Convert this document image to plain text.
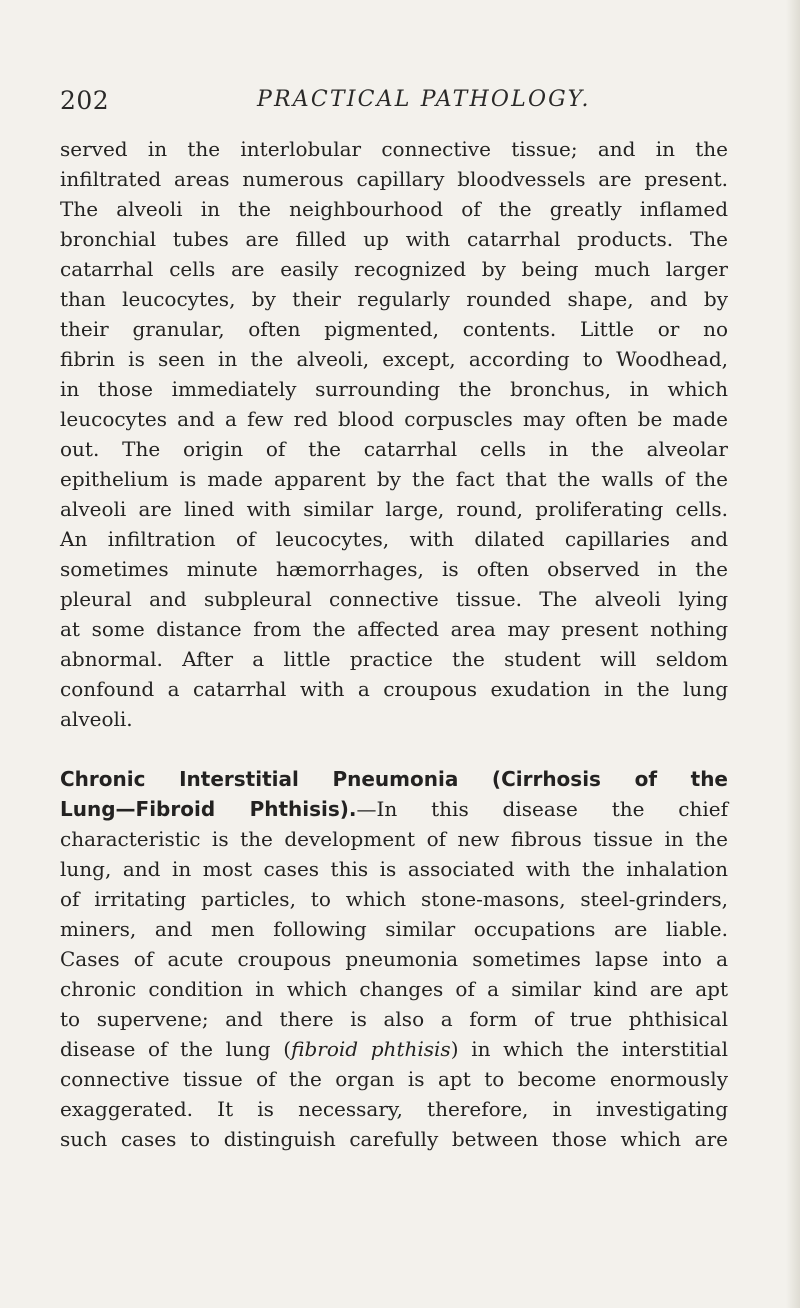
202	PRACTICAL PATHOLOGY.
served in the interlobular connective tissue; and in the
infiltrated areas numerous capillary bloodvessels are present.
The alveoli in the neighbourhood of the greatly inflamed
bronchial tubes are filled up with catarrhal products. The
catarrhal cells are easily recognized by being much larger
than leucocytes, by their regularly rounded shape, and by
their granular, often pigmented, contents. Little or no
fibrin is seen in the alveoli, except, according to Woodhead,
in those immediately surrounding the bronchus, in which
leucocytes and a few red blood corpuscles may often be made
out. The origin of the catarrhal cells in the alveolar
epithelium is made apparent by the fact that the walls of the
alveoli are lined with similar large, round, proliferating cells.
An infiltration of leucocytes, with dilated capillaries and
sometimes minute hæmorrhages, is often observed in the
pleural and subpleural connective tissue. The alveoli lying
at some distance from the affected area may present nothing
abnormal. After a little practice the student will seldom
confound a catarrhal with a croupous exudation in the lung
alveoli.
Chronic Interstitial Pneumonia (Cirrhosis of the
Lung—Fibroid Phthisis).—In this disease the chief
characteristic is the development of new fibrous tissue in the
lung, and in most cases this is associated with the inhalation
of irritating particles, to which stone-masons, steel-grinders,
miners, and men following similar occupations are liable.
Cases of acute croupous pneumonia sometimes lapse into a
chronic condition in which changes of a similar kind are apt
to supervene; and there is also a form of true phthisical
disease of the lung (fibroid phthisis) in which the interstitial
connective tissue of the organ is apt to become enormously
exaggerated. It is necessary, therefore, in investigating
such cases to distinguish carefully between those which are
